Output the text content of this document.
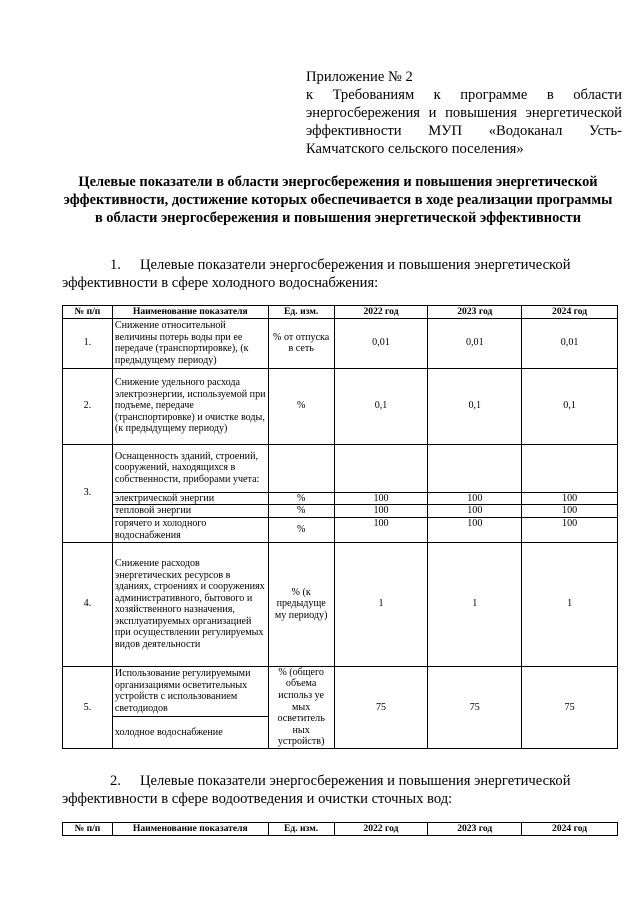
Приложение № 2
к Требованиям к программе в области
энергосбережения и повышения энергетической
эффективности МУП «Водоканал Усть-
Камчатского сельского поселения»
Целевые показатели в области энергосбережения и повышения энергетической эффективности, достижение которых обеспечивается в ходе реализации программы в области энергосбережения и повышения энергетической эффективности
1. Целевые показатели энергосбережения и повышения энергетической
эффективности в сфере холодного водоснабжения:
№ п/п	Наименование показателя	Ед. изм.	2022 год	2023 год	2024 год
1.	Снижение относительной величины потерь воды при ее передаче (транспортировке), (к предыдущему периоду)	% от отпуска в сеть	0,01	0,01	0,01
2.	Снижение удельного расхода электроэнергии, используемой при подъеме, передаче (транспортировке) и очистке воды, (к предыдущему периоду)	%	0,1	0,1	0,1
3.	Оснащенность зданий, строений, сооружений, находящихся в собственности, приборами учета:				
	электрической энергии	%	100	100	100
	тепловой энергии	%	100	100	100
	горячего и холодного водоснабжения	%	100	100	100
4.	Снижение расходов энергетических ресурсов в зданиях, строениях и сооружениях административного, бытового и хозяйственного назначения, эксплуатируемых организацией при осуществлении регулируемых видов деятельности	% (к предыдуще му периоду)	1	1	1
5.	Использование регулируемыми организациями осветительных устройств с использованием светодиодов	% (общего объема использ уе мых осветитель ных устройств)	75	75	75
	холодное водоснабжение				
2. Целевые показатели энергосбережения и повышения энергетической
эффективности в сфере водоотведения и очистки сточных вод:
№ п/п	Наименование показателя	Ед. изм.	2022 год	2023 год	2024 год
